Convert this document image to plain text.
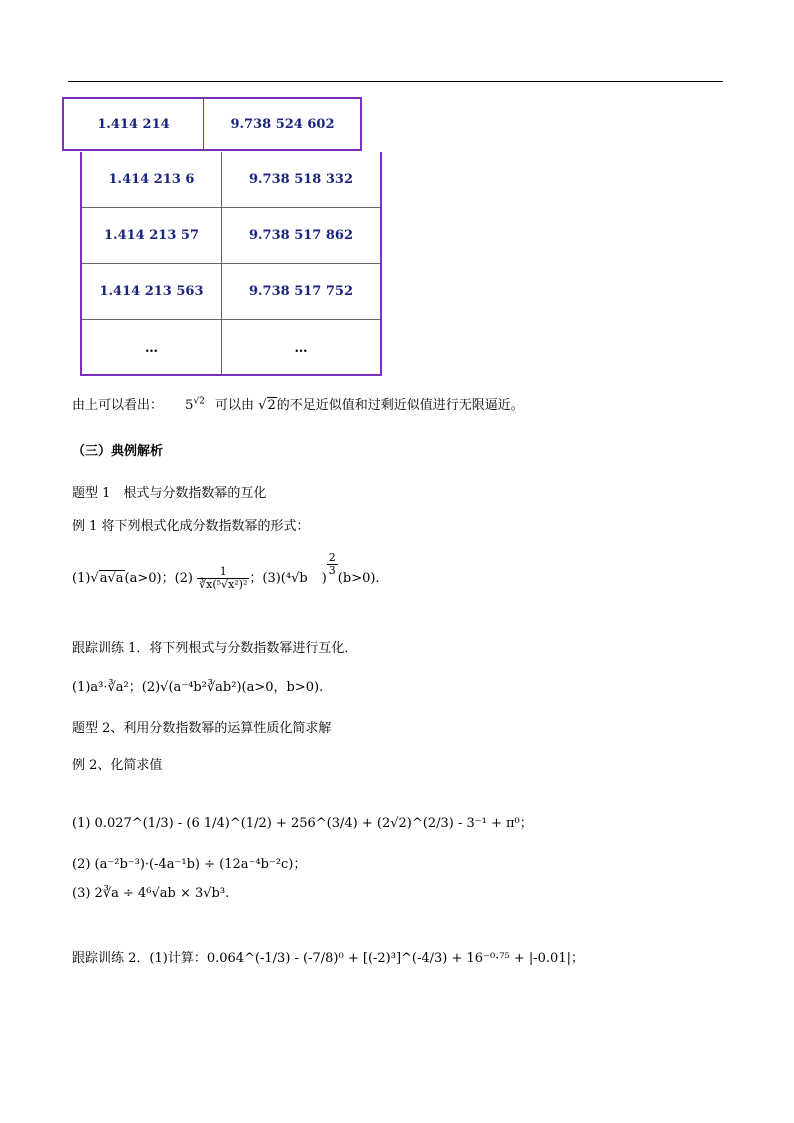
1.414 214	9.738 524 602
1.414 213 6	9.738 518 332
1.414 213 57	9.738 517 862
1.414 213 563	9.738 517 752
…	…
由上可以看出： $5^{√2}$ 可以由 √2的不足近似值和过剩近似值进行无限逼近。
（三）典例解析
题型 1　根式与分数指数幂的互化
例 1 将下列根式化成分数指数幂的形式：
(1)√a√a(a>0)；$(2) \frac{1}{\text{∛x(⁵√x²)²}}$ ；(3)(⁴√b )
$\frac{2}{3}$
(b>0).
跟踪训练 1．将下列根式与分数指数幂进行互化．
(1)a³·∛a²；(2)√(a⁻⁴b²∛ab²)(a>0，b>0).
题型 2、利用分数指数幂的运算性质化简求解
例 2、化简求值
(1) 0.027^(1/3) - (6 1/4)^(1/2) + 256^(3/4) + (2√2)^(2/3) - 3⁻¹ + π⁰；
(2) (a⁻²b⁻³)·(-4a⁻¹b) ÷ (12a⁻⁴b⁻²c)；
(3) 2∛a ÷ 4⁶√ab × 3√b³.
跟踪训练 2．(1)计算：0.064^(-1/3) - (-7/8)⁰ + [(-2)³]^(-4/3) + 16⁻⁰·⁷⁵ + |-0.01|；
